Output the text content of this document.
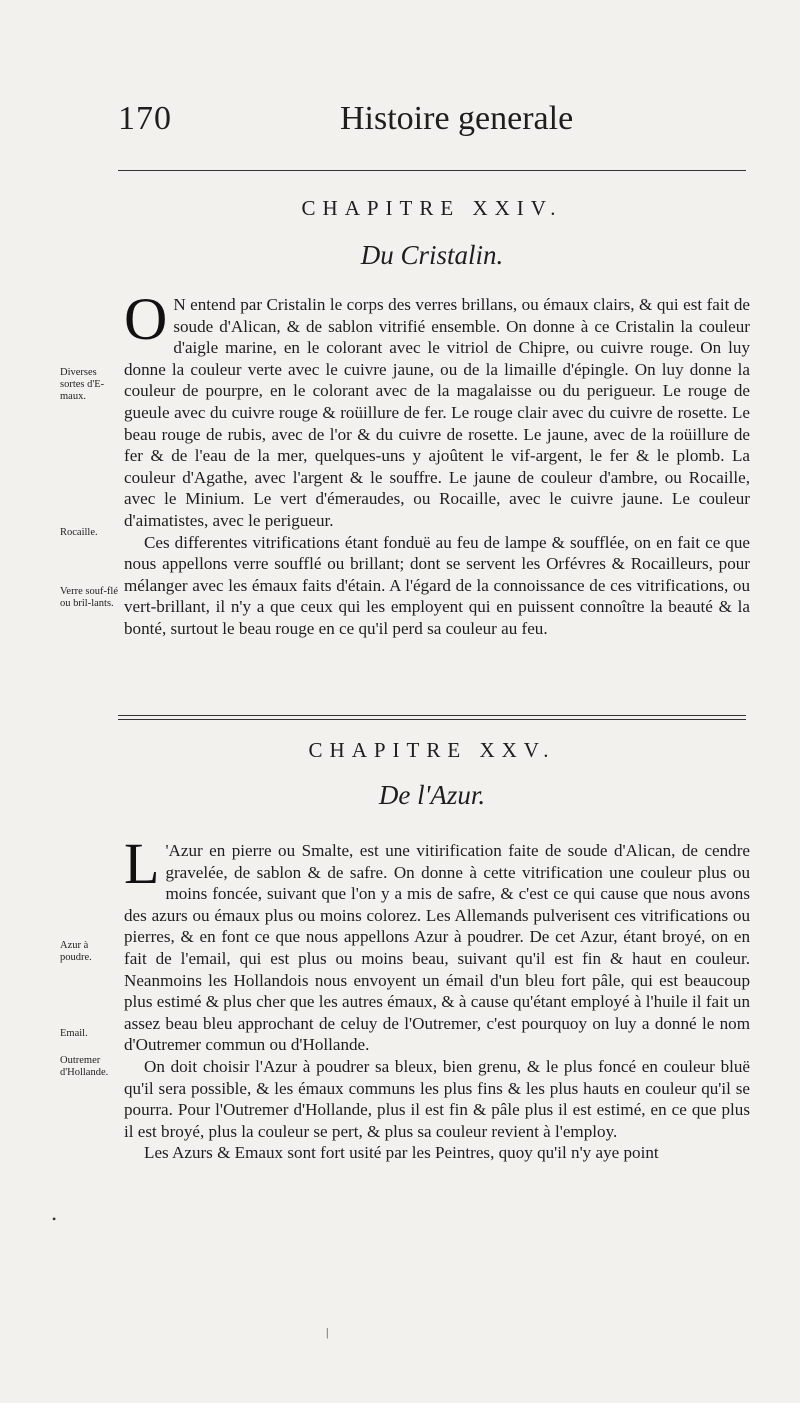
170	Histoire generale
CHAPITRE XXIV.
Du Cristalin.

O N entend par Cristalin le corps des verres brillans, ou émaux clairs, & qui est fait de soude d'Alican, & de sablon vitrifié ensemble. On donne à ce Cristalin la couleur d'aigle marine, en le colorant avec le vitriol de Chipre, ou cuivre rouge. On luy donne la couleur verte avec le cuivre jaune, ou de la limaille d'épingle. On luy donne la couleur de pourpre, en le colorant avec de la magalaisse ou du perigueur. Le rouge de gueule avec du cuivre rouge & roüillure de fer. Le rouge clair avec du cuivre de rosette. Le beau rouge de rubis, avec de l'or & du cuivre de rosette. Le jaune, avec de la roüillure de fer & de l'eau de la mer, quelques-uns y ajoûtent le vif-argent, le fer & le plomb. La couleur d'Agathe, avec l'argent & le souffre. Le jaune de couleur d'ambre, ou Rocaille, avec le Minium. Le vert d'émeraudes, ou Rocaille, avec le cuivre jaune. Le couleur d'aimatistes, avec le perigueur.

Ces differentes vitrifications étant fonduë au feu de lampe & soufflée, on en fait ce que nous appellons verre soufflé ou brillant; dont se servent les Orfévres & Rocailleurs, pour mélanger avec les émaux faits d'étain. A l'égard de la connoissance de ces vitrifications, ou vert-brillant, il n'y a que ceux qui les employent qui en puissent connoître la beauté & la bonté, surtout le beau rouge en ce qu'il perd sa couleur au feu.

Diverses sortes d'E-maux.
Rocaille.
Verre souf-flé ou bril-lants.
CHAPITRE XXV.
De l'Azur.

L 'Azur en pierre ou Smalte, est une vitirification faite de soude d'Alican, de cendre gravelée, de sablon & de safre. On donne à cette vitrification une couleur plus ou moins foncée, suivant que l'on y a mis de safre, & c'est ce qui cause que nous avons des azurs ou émaux plus ou moins colorez. Les Allemands pulverisent ces vitrifications ou pierres, & en font ce que nous appellons Azur à poudrer. De cet Azur, étant broyé, on en fait de l'email, qui est plus ou moins beau, suivant qu'il est fin & haut en couleur. Neanmoins les Hollandois nous envoyent un émail d'un bleu fort pâle, qui est beaucoup plus estimé & plus cher que les autres émaux, & à cause qu'étant employé à l'huile il fait un assez beau bleu approchant de celuy de l'Outremer, c'est pourquoy on luy a donné le nom d'Outremer commun ou d'Hollande.

On doit choisir l'Azur à poudrer sa bleux, bien grenu, & le plus foncé en couleur bluë qu'il sera possible, & les émaux communs les plus fins & les plus hauts en couleur qu'il se pourra. Pour l'Outremer d'Hollande, plus il est fin & pâle plus il est estimé, en ce que plus il est broyé, plus la couleur se pert, & plus sa couleur revient à l'employ.

Les Azurs & Emaux sont fort usité par les Peintres, quoy qu'il n'y aye point

Azur à poudre.
Email.
Outremer d'Hollande.
•
|
